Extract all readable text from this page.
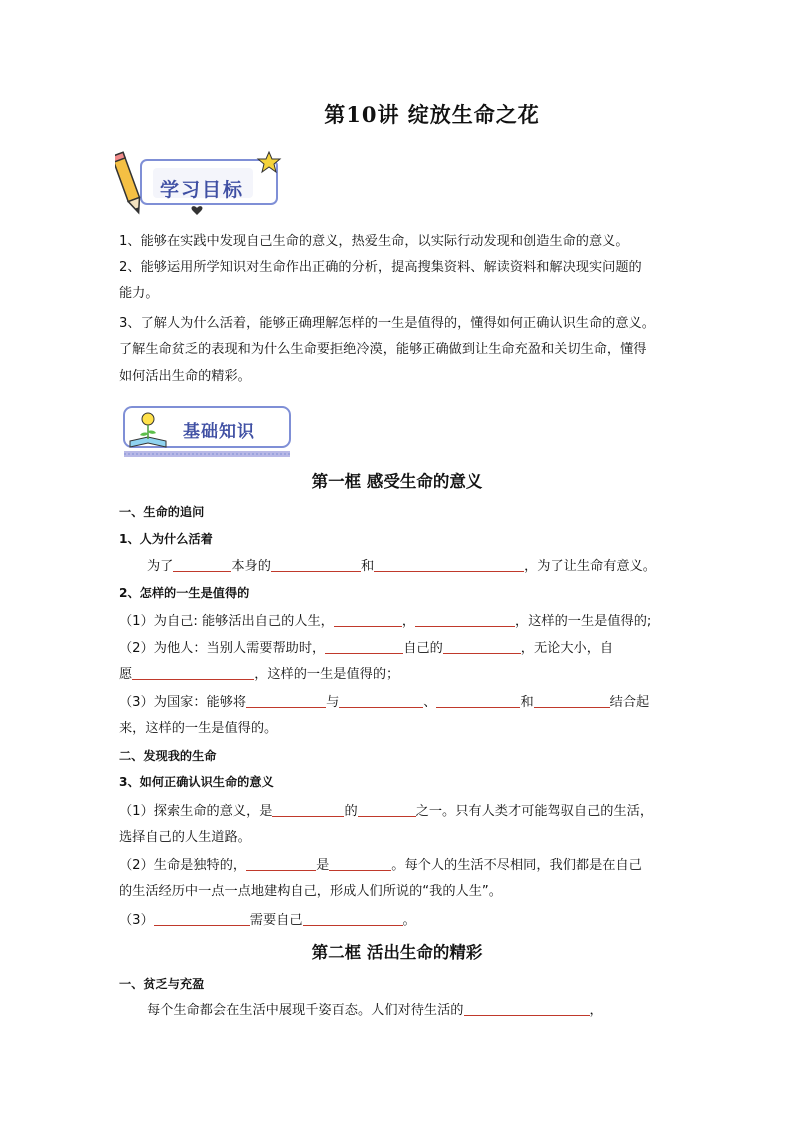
第10讲 绽放生命之花
学习目标

1、能够在实践中发现自己生命的意义，热爱生命，以实际行动发现和创造生命的意义。

2、能够运用所学知识对生命作出正确的分析，提高搜集资料、解读资料和解决现实问题的

能力。

3、了解人为什么活着，能够正确理解怎样的一生是值得的，懂得如何正确认识生命的意义。

了解生命贫乏的表现和为什么生命要拒绝冷漠，能够正确做到让生命充盈和关切生命，懂得

如何活出生命的精彩。

基础知识
第一框 感受生命的意义

一、生命的追问

1、人为什么活着

为了	本身的	和	，为了让生命有意义。

2、怎样的一生是值得的

（1）为自己: 能够活出自己的人生，	，	，这样的一生是值得的;

（2）为他人：当别人需要帮助时，	自己的	，无论大小，自

愿	，这样的一生是值得的；

（3）为国家：能够将	与	、	和	结合起

来，这样的一生是值得的。

二、发现我的生命

3、如何正确认识生命的意义

（1）探索生命的意义，是	的	之一。只有人类才可能驾驭自己的生活，

选择自己的人生道路。

（2）生命是独特的，	是	。每个人的生活不尽相同，我们都是在自己

的生活经历中一点一点地建构自己，形成人们所说的“我的人生”。

（3）	需要自己	。

第二框 活出生命的精彩

一、贫乏与充盈

每个生命都会在生活中展现千姿百态。人们对待生活的	，
